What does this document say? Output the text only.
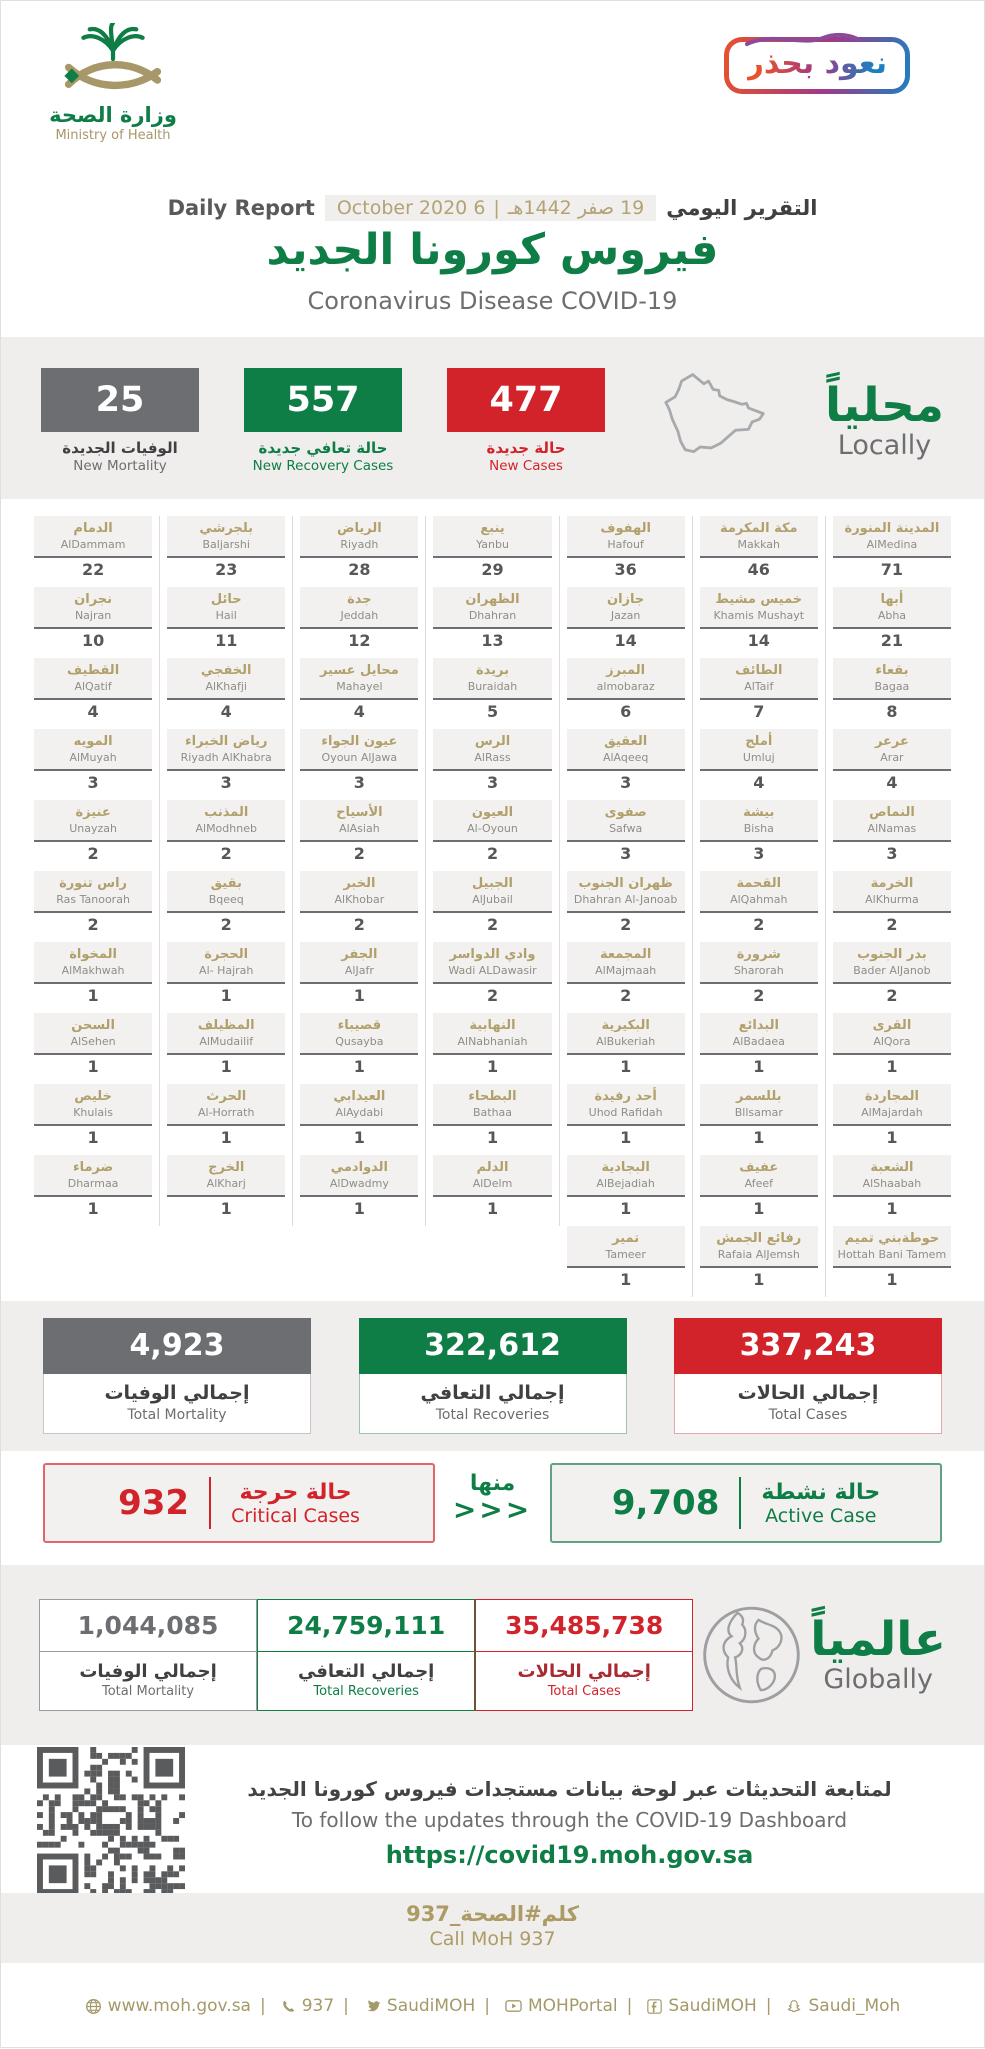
وزارة الصحة
Ministry of Health
نعود بحذر
التقرير اليومي
19 صفر 1442هـ
|
6 October 2020
Daily Report
فيروس كورونا الجديد
Coronavirus Disease COVID-19
محلياً
Locally
477
حالة جديدة
New Cases
557
حالة تعافي جديدة
New Recovery Cases
25
الوفيات الجديدة
New Mortality
المدينة المنورة
AlMedina
71
أبها
Abha
21
بقعاء
Bagaa
8
عرعر
Arar
4
النماص
AlNamas
3
الخرمة
AlKhurma
2
بدر الجنوب
Bader AlJanob
2
القرى
AlQora
1
المجاردة
AlMajardah
1
الشعبة
AlShaabah
1
حوطةبني تميم
Hottah Bani Tamem
1
مكة المكرمة
Makkah
46
خميس مشيط
Khamis Mushayt
14
الطائف
AlTaif
7
أملج
Umluj
4
بيشة
Bisha
3
القحمة
AlQahmah
2
شرورة
Sharorah
2
البدائع
AlBadaea
1
بللسمر
Bllsamar
1
عفيف
Afeef
1
رفائع الجمش
Rafaia AlJemsh
1
الهفوف
Hafouf
36
جازان
Jazan
14
المبرز
almobaraz
6
العقيق
AlAqeeq
3
صفوى
Safwa
3
ظهران الجنوب
Dhahran Al-Janoab
2
المجمعة
AlMajmaah
2
البكيرية
AlBukeriah
1
أحد رفيدة
Uhod Rafidah
1
البجادية
AlBejadiah
1
تمير
Tameer
1
ينبع
Yanbu
29
الظهران
Dhahran
13
بريدة
Buraidah
5
الرس
AlRass
3
العيون
Al-Oyoun
2
الجبيل
AlJubail
2
وادي الدواسر
Wadi ALDawasir
2
النهابية
AlNabhaniah
1
البطحاء
Bathaa
1
الدلم
AlDelm
1
الرياض
Riyadh
28
جدة
Jeddah
12
محايل عسير
Mahayel
4
عيون الجواء
Oyoun AlJawa
3
الأسياح
AlAsiah
2
الخبر
AlKhobar
2
الجفر
AlJafr
1
قصيباء
Qusayba
1
العيدابي
AlAydabi
1
الدوادمي
AlDwadmy
1
بلجرشي
Baljarshi
23
حائل
Hail
11
الخفجي
AlKhafji
4
رياض الخبراء
Riyadh AlKhabra
3
المذنب
AlModhneb
2
بقيق
Bqeeq
2
الحجرة
Al- Hajrah
1
المظيلف
AlMudailif
1
الحرث
Al-Horrath
1
الخرج
AlKharj
1
الدمام
AlDammam
22
نجران
Najran
10
القطيف
AlQatif
4
المويه
AlMuyah
3
عنيزة
Unayzah
2
راس تنورة
Ras Tanoorah
2
المخواة
AlMakhwah
1
السحن
AlSehen
1
خليص
Khulais
1
ضرماء
Dharmaa
1
337,243
إجمالي الحالات
Total Cases
322,612
إجمالي التعافي
Total Recoveries
4,923
إجمالي الوفيات
Total Mortality
حالة نشطة
Active Case
9,708
منها
<<<
حالة حرجة
Critical Cases
932
عالمياً
Globally
35,485,738
إجمالي الحالات
Total Cases
24,759,111
إجمالي التعافي
Total Recoveries
1,044,085
إجمالي الوفيات
Total Mortality
لمتابعة التحديثات عبر لوحة بيانات مستجدات فيروس كورونا الجديد
To follow the updates through the COVID-19 Dashboard
https://covid19.moh.gov.sa
كلم#الصحة_937
Call MoH 937
www.moh.gov.sa	| 937	| SaudiMOH	| MOHPortal	| SaudiMOH	| Saudi_Moh
